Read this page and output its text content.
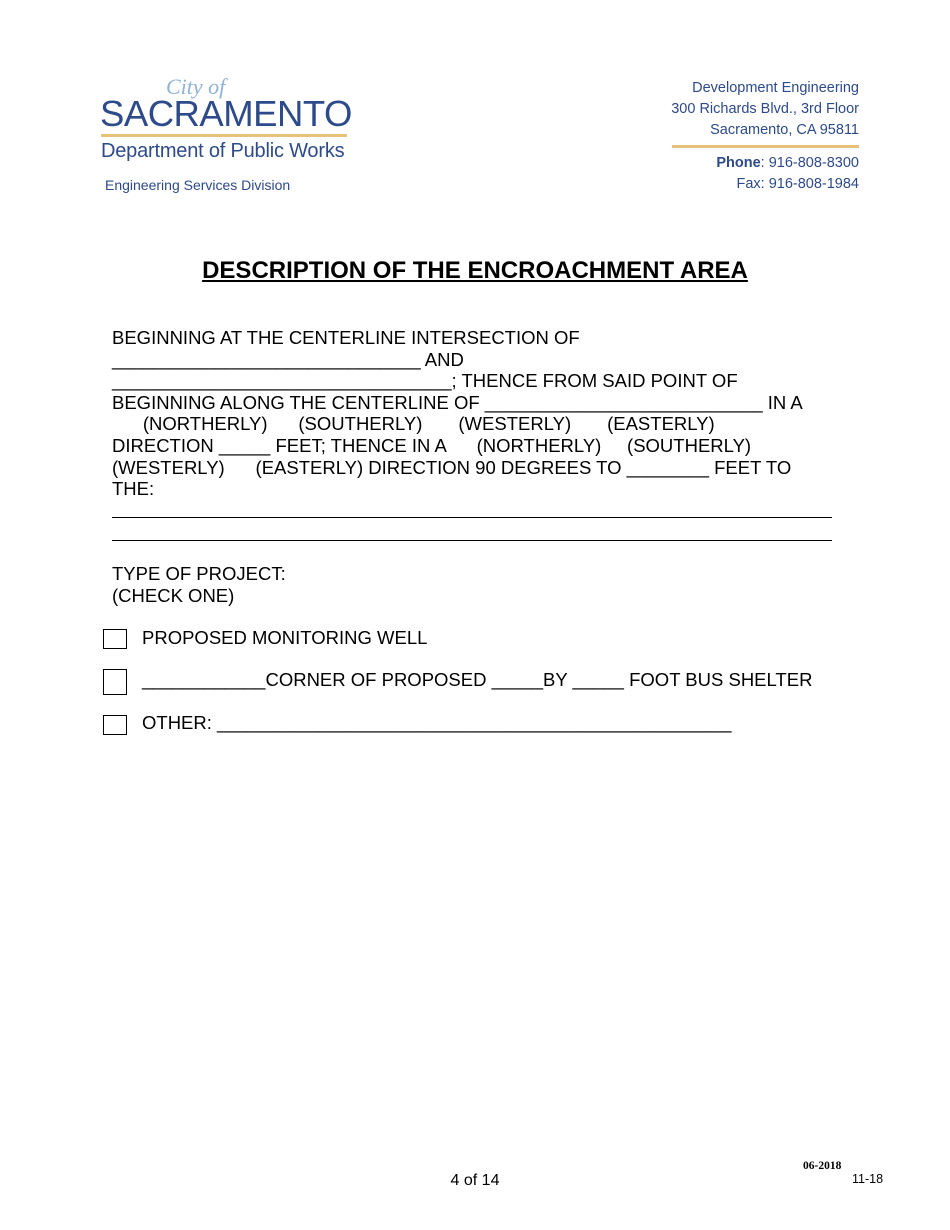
City of
SACRAMENTO
Department of Public Works
Engineering Services Division
Development Engineering
300 Richards Blvd., 3rd Floor
Sacramento, CA 95811
Phone: 916-808-8300
Fax: 916-808-1984
DESCRIPTION OF THE ENCROACHMENT AREA
BEGINNING AT THE CENTERLINE INTERSECTION OF
______________________________ AND
_________________________________; THENCE FROM SAID POINT OF
BEGINNING ALONG THE CENTERLINE OF ___________________________ IN A
(NORTHERLY)      (SOUTHERLY)       (WESTERLY)       (EASTERLY)
DIRECTION _____ FEET; THENCE IN A      (NORTHERLY)     (SOUTHERLY)
(WESTERLY)      (EASTERLY) DIRECTION 90 DEGREES TO ________ FEET TO
THE:
TYPE OF PROJECT:
(CHECK ONE)
PROPOSED MONITORING WELL
____________CORNER OF PROPOSED _____BY _____ FOOT BUS SHELTER
OTHER: __________________________________________________
4 of 14
06-2018
11-18
